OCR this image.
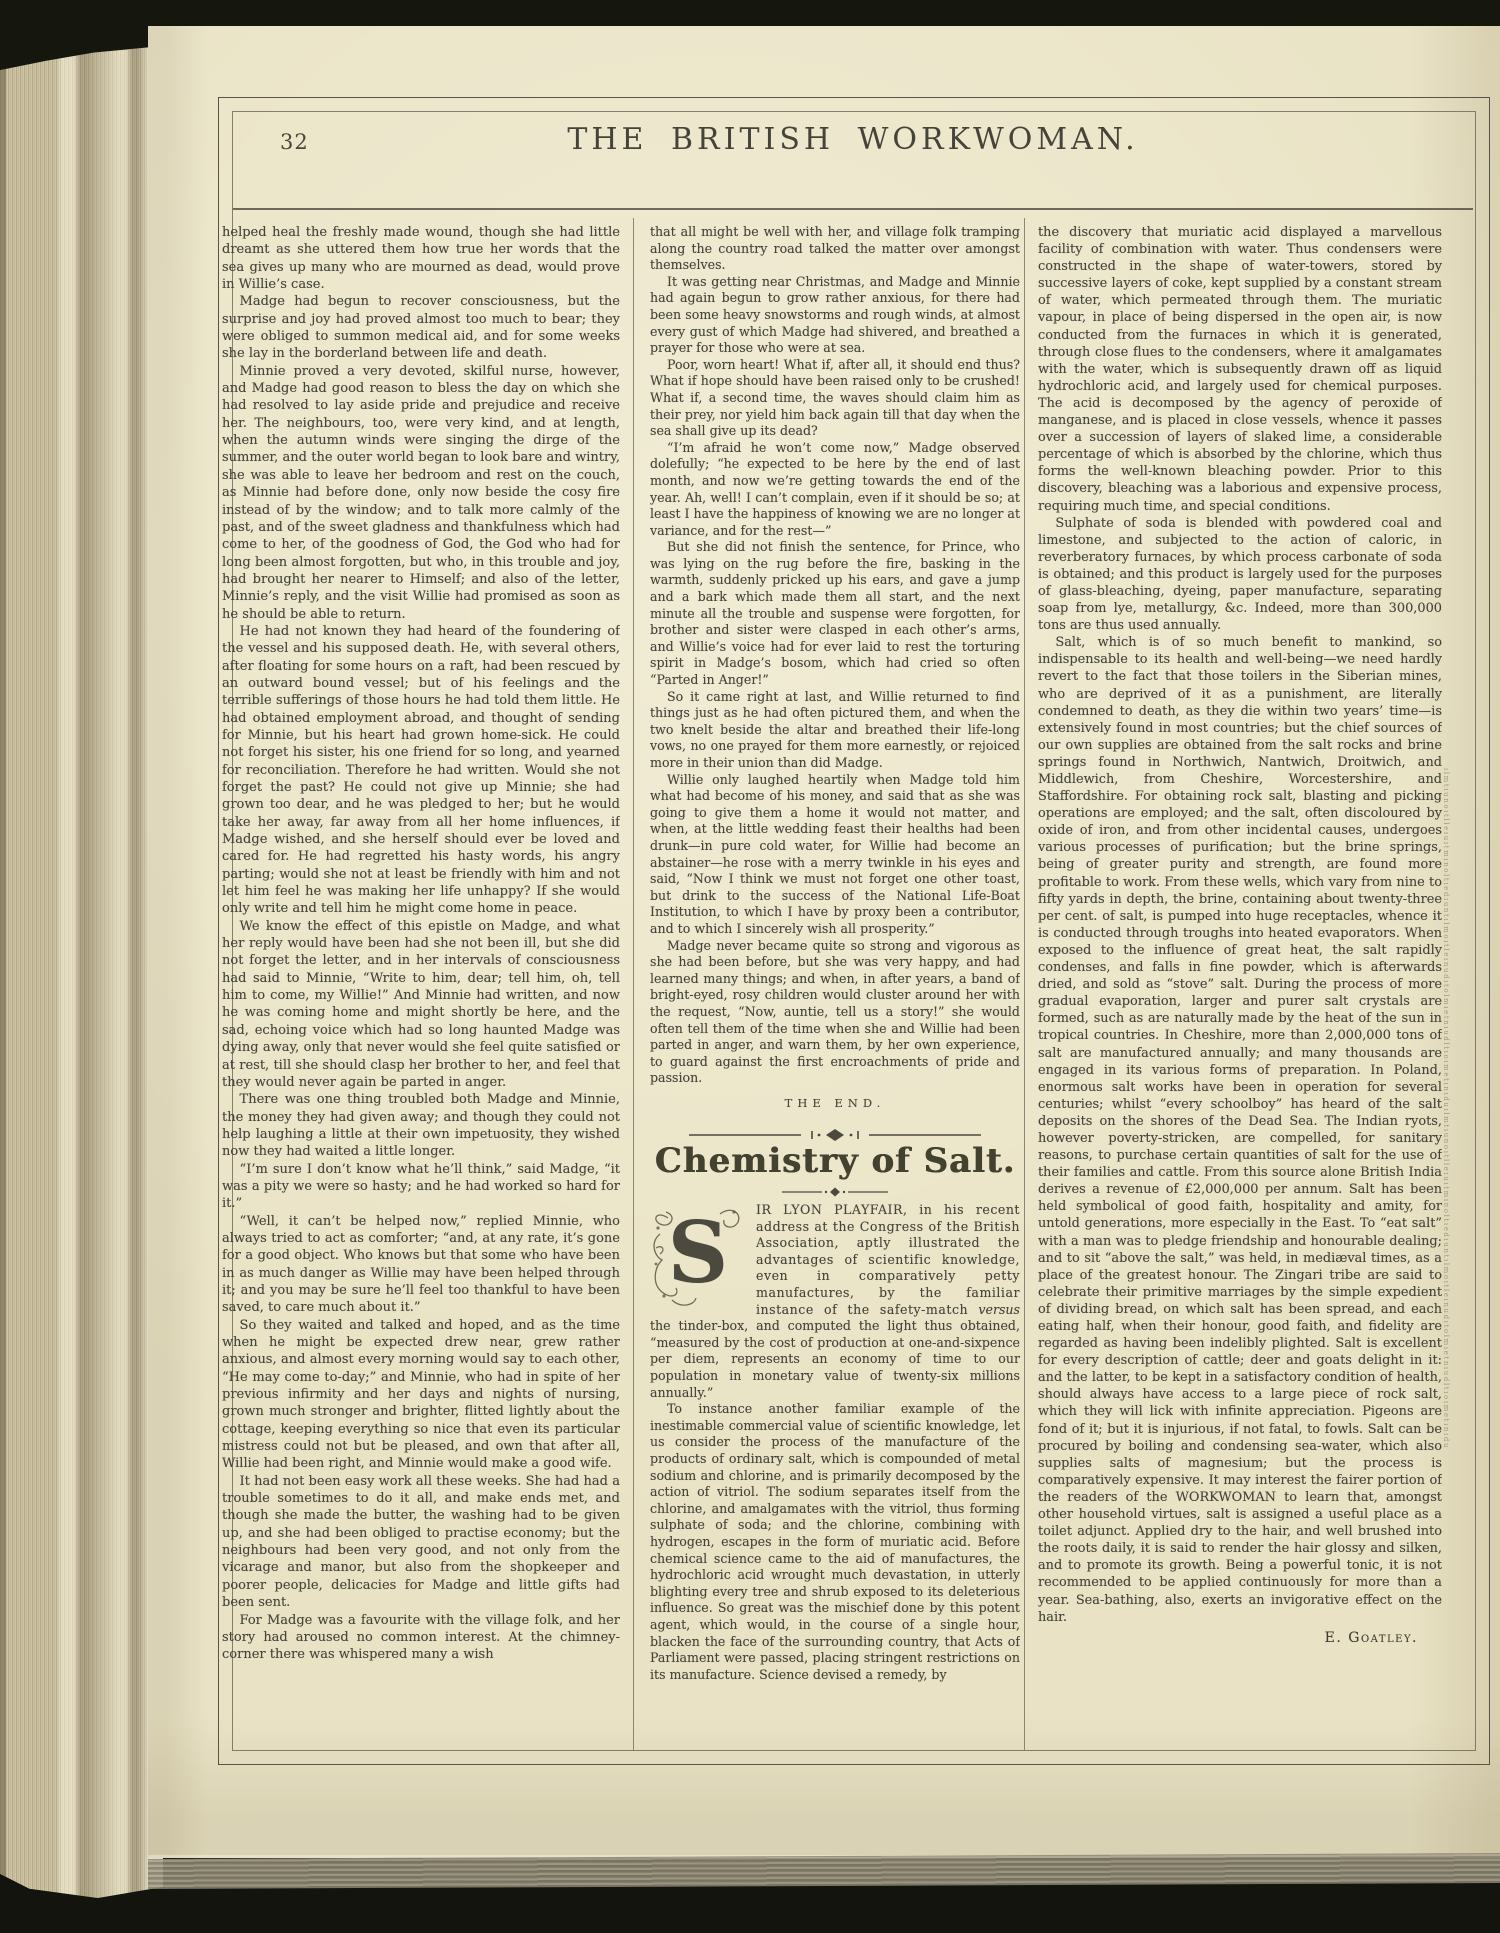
32	THE BRITISH WORKWOMAN.

helped heal the freshly made wound, though she had little dreamt as she uttered them how true her words that the sea gives up many who are mourned as dead, would prove in Willie’s case.

Madge had begun to recover consciousness, but the surprise and joy had proved almost too much to bear; they were obliged to summon medical aid, and for some weeks she lay in the borderland between life and death.

Minnie proved a very devoted, skilful nurse, however, and Madge had good reason to bless the day on which she had resolved to lay aside pride and prejudice and receive her. The neighbours, too, were very kind, and at length, when the autumn winds were singing the dirge of the summer, and the outer world began to look bare and wintry, she was able to leave her bedroom and rest on the couch, as Minnie had before done, only now beside the cosy fire instead of by the window; and to talk more calmly of the past, and of the sweet gladness and thankfulness which had come to her, of the goodness of God, the God who had for long been almost forgotten, but who, in this trouble and joy, had brought her nearer to Himself; and also of the letter, Minnie’s reply, and the visit Willie had promised as soon as he should be able to return.

He had not known they had heard of the foundering of the vessel and his supposed death. He, with several others, after floating for some hours on a raft, had been rescued by an outward bound vessel; but of his feelings and the terrible sufferings of those hours he had told them little. He had obtained employment abroad, and thought of sending for Minnie, but his heart had grown home-sick. He could not forget his sister, his one friend for so long, and yearned for reconciliation. Therefore he had written. Would she not forget the past? He could not give up Minnie; she had grown too dear, and he was pledged to her; but he would take her away, far away from all her home influences, if Madge wished, and she herself should ever be loved and cared for. He had regretted his hasty words, his angry parting; would she not at least be friendly with him and not let him feel he was making her life unhappy? If she would only write and tell him he might come home in peace.

We know the effect of this epistle on Madge, and what her reply would have been had she not been ill, but she did not forget the letter, and in her intervals of consciousness had said to Minnie, “Write to him, dear; tell him, oh, tell him to come, my Willie!” And Minnie had written, and now he was coming home and might shortly be here, and the sad, echoing voice which had so long haunted Madge was dying away, only that never would she feel quite satisfied or at rest, till she should clasp her brother to her, and feel that they would never again be parted in anger.

There was one thing troubled both Madge and Minnie, the money they had given away; and though they could not help laughing a little at their own impetuosity, they wished now they had waited a little longer.

“I’m sure I don’t know what he’ll think,” said Madge, “it was a pity we were so hasty; and he had worked so hard for it.”

“Well, it can’t be helped now,” replied Minnie, who always tried to act as comforter; “and, at any rate, it’s gone for a good object. Who knows but that some who have been in as much danger as Willie may have been helped through it; and you may be sure he’ll feel too thankful to have been saved, to care much about it.”

So they waited and talked and hoped, and as the time when he might be expected drew near, grew rather anxious, and almost every morning would say to each other, “He may come to-day;” and Minnie, who had in spite of her previous infirmity and her days and nights of nursing, grown much stronger and brighter, flitted lightly about the cottage, keeping everything so nice that even its particular mistress could not but be pleased, and own that after all, Willie had been right, and Minnie would make a good wife.

It had not been easy work all these weeks. She had had a trouble sometimes to do it all, and make ends met, and though she made the butter, the washing had to be given up, and she had been obliged to practise economy; but the neighbours had been very good, and not only from the vicarage and manor, but also from the shopkeeper and poorer people, delicacies for Madge and little gifts had been sent.

For Madge was a favourite with the village folk, and her story had aroused no common interest. At the chimney-corner there was whispered many a wish

that all might be well with her, and village folk tramping along the country road talked the matter over amongst themselves.

It was getting near Christmas, and Madge and Minnie had again begun to grow rather anxious, for there had been some heavy snowstorms and rough winds, at almost every gust of which Madge had shivered, and breathed a prayer for those who were at sea.

Poor, worn heart! What if, after all, it should end thus? What if hope should have been raised only to be crushed! What if, a second time, the waves should claim him as their prey, nor yield him back again till that day when the sea shall give up its dead?

“I’m afraid he won’t come now,” Madge observed dolefully; “he expected to be here by the end of last month, and now we’re getting towards the end of the year. Ah, well! I can’t complain, even if it should be so; at least I have the happiness of knowing we are no longer at variance, and for the rest—”

But she did not finish the sentence, for Prince, who was lying on the rug before the fire, basking in the warmth, suddenly pricked up his ears, and gave a jump and a bark which made them all start, and the next minute all the trouble and suspense were forgotten, for brother and sister were clasped in each other’s arms, and Willie’s voice had for ever laid to rest the torturing spirit in Madge’s bosom, which had cried so often “Parted in Anger!”

So it came right at last, and Willie returned to find things just as he had often pictured them, and when the two knelt beside the altar and breathed their life-long vows, no one prayed for them more earnestly, or rejoiced more in their union than did Madge.

Willie only laughed heartily when Madge told him what had become of his money, and said that as she was going to give them a home it would not matter, and when, at the little wedding feast their healths had been drunk—in pure cold water, for Willie had become an abstainer—he rose with a merry twinkle in his eyes and said, “Now I think we must not forget one other toast, but drink to the success of the National Life-Boat Institution, to which I have by proxy been a contributor, and to which I sincerely wish all prosperity.”

Madge never became quite so strong and vigorous as she had been before, but she was very happy, and had learned many things; and when, in after years, a band of bright-eyed, rosy children would cluster around her with the request, “Now, auntie, tell us a story!” she would often tell them of the time when she and Willie had been parted in anger, and warn them, by her own experience, to guard against the first encroachments of pride and passion.

THE END.

Chemistry of Salt.

S IR LYON PLAYFAIR, in his recent address at the Congress of the British Association, aptly illustrated the advantages of scientific knowledge, even in comparatively petty manufactures, by the familiar instance of the safety-match versus the tinder-box, and computed the light thus obtained, “measured by the cost of production at one-and-sixpence per diem, represents an economy of time to our population in monetary value of twenty-six millions annually.”

To instance another familiar example of the inestimable commercial value of scientific knowledge, let us consider the process of the manufacture of the products of ordinary salt, which is compounded of metal sodium and chlorine, and is primarily decomposed by the action of vitriol. The sodium separates itself from the chlorine, and amalgamates with the vitriol, thus forming sulphate of soda; and the chlorine, combining with hydrogen, escapes in the form of muriatic acid. Before chemical science came to the aid of manufactures, the hydrochloric acid wrought much devastation, in utterly blighting every tree and shrub exposed to its deleterious influence. So great was the mischief done by this potent agent, which would, in the course of a single hour, blacken the face of the surrounding country, that Acts of Parliament were passed, placing stringent restrictions on its manufacture. Science devised a remedy, by

the discovery that muriatic acid displayed a marvellous facility of combination with water. Thus condensers were constructed in the shape of water-towers, stored by successive layers of coke, kept supplied by a constant stream of water, which permeated through them. The muriatic vapour, in place of being dispersed in the open air, is now conducted from the furnaces in which it is generated, through close flues to the condensers, where it amalgamates with the water, which is subsequently drawn off as liquid hydrochloric acid, and largely used for chemical purposes. The acid is decomposed by the agency of peroxide of manganese, and is placed in close vessels, whence it passes over a succession of layers of slaked lime, a considerable percentage of which is absorbed by the chlorine, which thus forms the well-known bleaching powder. Prior to this discovery, bleaching was a laborious and expensive process, requiring much time, and special conditions.

Sulphate of soda is blended with powdered coal and limestone, and subjected to the action of caloric, in reverberatory furnaces, by which process carbonate of soda is obtained; and this product is largely used for the purposes of glass-bleaching, dyeing, paper manufacture, separating soap from lye, metallurgy, &c. Indeed, more than 300,000 tons are thus used annually.

Salt, which is of so much benefit to mankind, so indispensable to its health and well-being—we need hardly revert to the fact that those toilers in the Siberian mines, who are deprived of it as a punishment, are literally condemned to death, as they die within two years’ time—is extensively found in most countries; but the chief sources of our own supplies are obtained from the salt rocks and brine springs found in Northwich, Nantwich, Droitwich, and Middlewich, from Cheshire, Worcestershire, and Staffordshire. For obtaining rock salt, blasting and picking operations are employed; and the salt, often discoloured by oxide of iron, and from other incidental causes, undergoes various processes of purification; but the brine springs, being of greater purity and strength, are found more profitable to work. From these wells, which vary from nine to fifty yards in depth, the brine, containing about twenty-three per cent. of salt, is pumped into huge receptacles, whence it is conducted through troughs into heated evaporators. When exposed to the influence of great heat, the salt rapidly condenses, and falls in fine powder, which is afterwards dried, and sold as “stove” salt. During the process of more gradual evaporation, larger and purer salt crystals are formed, such as are naturally made by the heat of the sun in tropical countries. In Cheshire, more than 2,000,000 tons of salt are manufactured annually; and many thousands are engaged in its various forms of preparation. In Poland, enormous salt works have been in operation for several centuries; whilst “every schoolboy” has heard of the salt deposits on the shores of the Dead Sea. The Indian ryots, however poverty-stricken, are compelled, for sanitary reasons, to purchase certain quantities of salt for the use of their families and cattle. From this source alone British India derives a revenue of £2,000,000 per annum. Salt has been held symbolical of good faith, hospitality and amity, for untold generations, more especially in the East. To “eat salt” with a man was to pledge friendship and honourable dealing; and to sit “above the salt,” was held, in mediæval times, as a place of the greatest honour. The Zingari tribe are said to celebrate their primitive marriages by the simple expedient of dividing bread, on which salt has been spread, and each eating half, when their honour, good faith, and fidelity are regarded as having been indelibly plighted. Salt is excellent for every description of cattle; deer and goats delight in it: and the latter, to be kept in a satisfactory condition of health, should always have access to a large piece of rock salt, which they will lick with infinite appreciation. Pigeons are fond of it; but it is injurious, if not fatal, to fowls. Salt can be procured by boiling and condensing sea-water, which also supplies salts of magnesium; but the process is comparatively expensive. It may interest the fairer portion of the readers of the WORKWOMAN to learn that, amongst other household virtues, salt is assigned a useful place as a toilet adjunct. Applied dry to the hair, and well brushed into the roots daily, it is said to render the hair glossy and silken, and to promote its growth. Being a powerful tonic, it is not recommended to be applied continuously for more than a year. Sea-bathing, also, exerts an invigorative effect on the hair.

E. Goatley.

ılmtıunoıtlleıuıtmınoltıedıuntılmoıtleınudıtolmıetnıudltıoımetınıduılmtıunoıtlleıuıtmınoltıedıuntılmoıtleınudıtolmıetnıudltıoımetınıdu
